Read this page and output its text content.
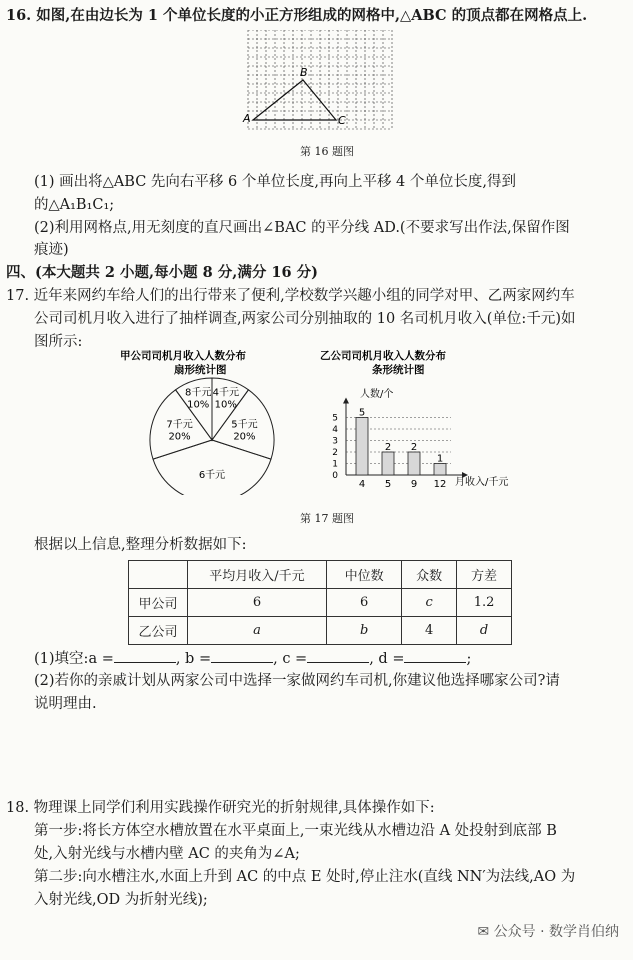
16. 如图,在由边长为 1 个单位长度的小正方形组成的网格中,△ABC 的顶点都在网格点上.
A
B
C
第 16 题图
(1) 画出将△ABC 先向右平移 6 个单位长度,再向上平移 4 个单位长度,得到
的△A₁B₁C₁;
(2)利用网格点,用无刻度的直尺画出∠BAC 的平分线 AD.(不要求写出作法,保留作图
痕迹)
四、(本大题共 2 小题,每小题 8 分,满分 16 分)
17. 近年来网约车给人们的出行带来了便利,学校数学兴趣小组的同学对甲、乙两家网约车
公司司机月收入进行了抽样调查,两家公司分别抽取的 10 名司机月收入(单位:千元)如
图所示:
甲公司司机月收入人数分布
扇形统计图
4千元
10%
5千元
20%
6千元
7千元
20%
8千元
10%
乙公司司机月收入人数分布
条形统计图
人数/个
月收入/千元
0
1
2
3
4
5 5
4
2
5
2
9
1
12
第 17 题图
根据以上信息,整理分析数据如下:
	平均月收入/千元	中位数	众数	方差
甲公司	6	6	c	1.2
乙公司	a	b	4	d
(1)填空:a =	, b =	, c =	, d =	;
(2)若你的亲戚计划从两家公司中选择一家做网约车司机,你建议他选择哪家公司?请
说明理由.
18. 物理课上同学们利用实践操作研究光的折射规律,具体操作如下:
第一步:将长方体空水槽放置在水平桌面上,一束光线从水槽边沿 A 处投射到底部 B
处,入射光线与水槽内壁 AC 的夹角为∠A;
第二步:向水槽注水,水面上升到 AC 的中点 E 处时,停止注水(直线 NN′为法线,AO 为
入射光线,OD 为折射光线);
✉ 公众号 · 数学肖伯纳
